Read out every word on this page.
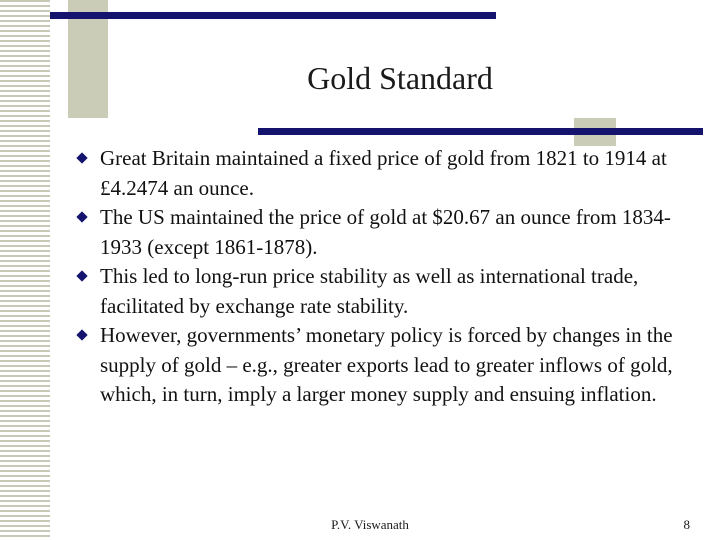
Gold Standard
Great Britain maintained a fixed price of gold from 1821 to 1914 at £4.2474 an ounce.
The US maintained the price of gold at $20.67 an ounce from 1834-1933 (except 1861-1878).
This led to long-run price stability as well as international trade, facilitated by exchange rate stability.
However, governments’ monetary policy is forced by changes in the supply of gold – e.g., greater exports lead to greater inflows of gold, which, in turn, imply a larger money supply and ensuing inflation.
P.V. Viswanath	8
